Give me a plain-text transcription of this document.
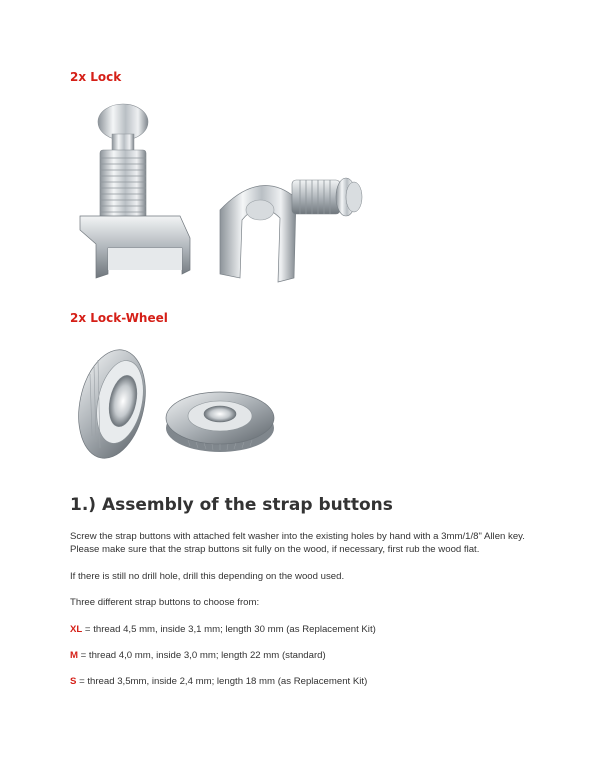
2x Lock
2x Lock-Wheel
1.) Assembly of the strap buttons

Screw the strap buttons with attached felt washer into the existing holes by hand with a 3mm/1/8" Allen key. Please make sure that the strap buttons sit fully on the wood, if necessary, first rub the wood flat.

If there is still no drill hole, drill this depending on the wood used.

Three different strap buttons to choose from:

XL = thread 4,5 mm, inside 3,1 mm; length 30 mm (as Replacement Kit)

M = thread 4,0 mm, inside 3,0 mm; length 22 mm (standard)

S = thread 3,5mm, inside 2,4 mm; length 18 mm (as Replacement Kit)
